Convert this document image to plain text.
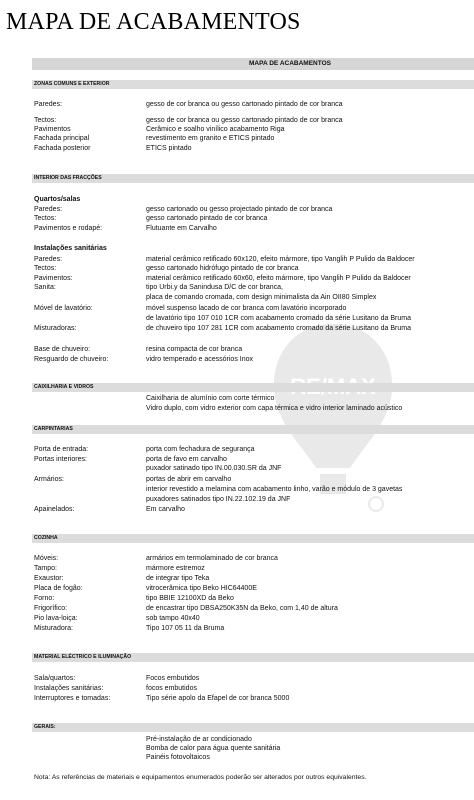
MAPA DE ACABAMENTOS
MAPA DE ACABAMENTOS
ZONAS COMUNS E EXTERIOR
Paredes:	gesso de cor branca ou gesso cartonado pintado de cor branca
Tectos:	gesso de cor branca ou gesso cartonado pintado de cor branca
Pavimentos	Cerâmico e soalho vinílico acabamento Riga
Fachada principal	revestimento em granito e ETICS pintado
Fachada posterior	ETICS pintado
INTERIOR DAS FRACÇÕES
Quartos/salas
Paredes:	gesso cartonado ou gesso projectado pintado de cor branca
Tectos:	gesso cartonado pintado de cor branca
Pavimentos e rodapé:	Flutuante em Carvalho
Instalações sanitárias
Paredes:	material cerâmico retificado 60x120, efeito mármore, tipo Vanglih P Pulido da Baldocer
Tectos:	gesso cartonado hidrófugo pintado de cor branca
Pavimentos:	material cerâmico retificado 60x60, efeito mármore, tipo Vanglih P Pulido da Baldocer
Sanita:	tipo Urbi.y da Sanindusa D/C de cor branca,
placa de comando cromada, com design minimalista da Ain OII80 Simplex
Móvel de lavatório:	móvel suspenso lacado de cor branca com lavatório incorporado
de lavatório tipo 107 010 1CR com acabamento cromado da série Lusitano da Bruma
Misturadoras:	de chuveiro tipo 107 281 1CR com acabamento cromado da série Lusitano da Bruma
Base de chuveiro:	resina compacta de cor branca
Resguardo de chuveiro:	vidro temperado e acessórios Inox
CAIXILHARIA E VIDROS
Caixilharia de alumínio com corte térmico
Vidro duplo, com vidro exterior com capa térmica e vidro interior laminado acústico
CARPINTARIAS
Porta de entrada:	porta com fechadura de segurança
Portas interiores:	porta de favo em carvalho
puxador satinado tipo IN.00.030.SR da JNF
Armários:	portas de abrir em carvalho
interior revestido a melamina com acabamento linho, varão e módulo de 3 gavetas
puxadores satinados tipo IN.22.102.19 da JNF
Apainelados:	Em carvalho
COZINHA
Móveis:	armários em termolaminado de cor branca
Tampo:	mármore estremoz
Exaustor:	de integrar tipo Teka
Placa de fogão:	vitrocerâmica tipo Beko HIC64400E
Forno:	tipo BBIE 12100XD da Beko
Frigorífico:	de encastrar tipo DBSA250K35N da Beko, com 1,40 de altura
Pio lava-loiça:	sob tampo 40x40
Misturadora:	Tipo 107 05 11 da Bruma
MATERIAL ELÉCTRICO E ILUMINAÇÃO
Sala/quartos:	Focos embutidos
Instalações sanitárias:	focos embutidos
Interruptores e tomadas:	Tipo série apolo da Efapel de cor branca 5000
GERAIS:
Pré-instalação de ar condicionado
Bomba de calor para água quente sanitária
Painéis fotovoltaicos
Nota: As referências de materiais e equipamentos enumerados poderão ser alterados por outros equivalentes.
